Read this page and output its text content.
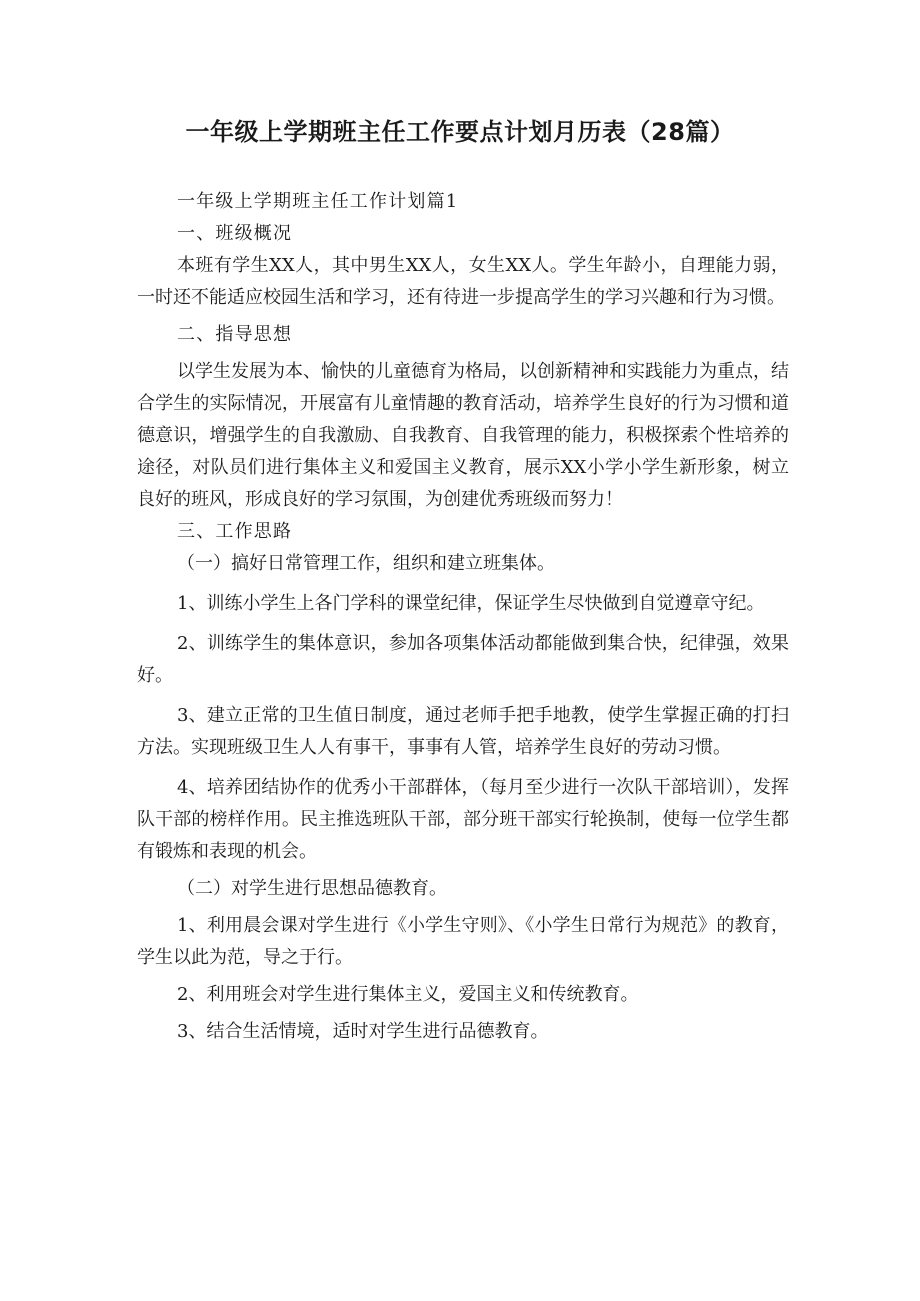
一年级上学期班主任工作要点计划月历表（28篇）

一年级上学期班主任工作计划篇1

一、班级概况

本班有学生XX人，其中男生XX人，女生XX人。学生年龄小，自理能力弱，一时还不能适应校园生活和学习，还有待进一步提高学生的学习兴趣和行为习惯。

二、指导思想

以学生发展为本、愉快的儿童德育为格局，以创新精神和实践能力为重点，结合学生的实际情况，开展富有儿童情趣的教育活动，培养学生良好的行为习惯和道德意识，增强学生的自我激励、自我教育、自我管理的能力，积极探索个性培养的途径，对队员们进行集体主义和爱国主义教育，展示XX小学小学生新形象，树立良好的班风，形成良好的学习氛围，为创建优秀班级而努力！

三、工作思路

（一）搞好日常管理工作，组织和建立班集体。

1、训练小学生上各门学科的课堂纪律，保证学生尽快做到自觉遵章守纪。

2、训练学生的集体意识，参加各项集体活动都能做到集合快，纪律强，效果好。

3、建立正常的卫生值日制度，通过老师手把手地教，使学生掌握正确的打扫方法。实现班级卫生人人有事干，事事有人管，培养学生良好的劳动习惯。

4、培养团结协作的优秀小干部群体，（每月至少进行一次队干部培训），发挥队干部的榜样作用。民主推选班队干部，部分班干部实行轮换制，使每一位学生都有锻炼和表现的机会。

（二）对学生进行思想品德教育。

1、利用晨会课对学生进行《小学生守则》、《小学生日常行为规范》的教育，学生以此为范，导之于行。

2、利用班会对学生进行集体主义，爱国主义和传统教育。

3、结合生活情境，适时对学生进行品德教育。
